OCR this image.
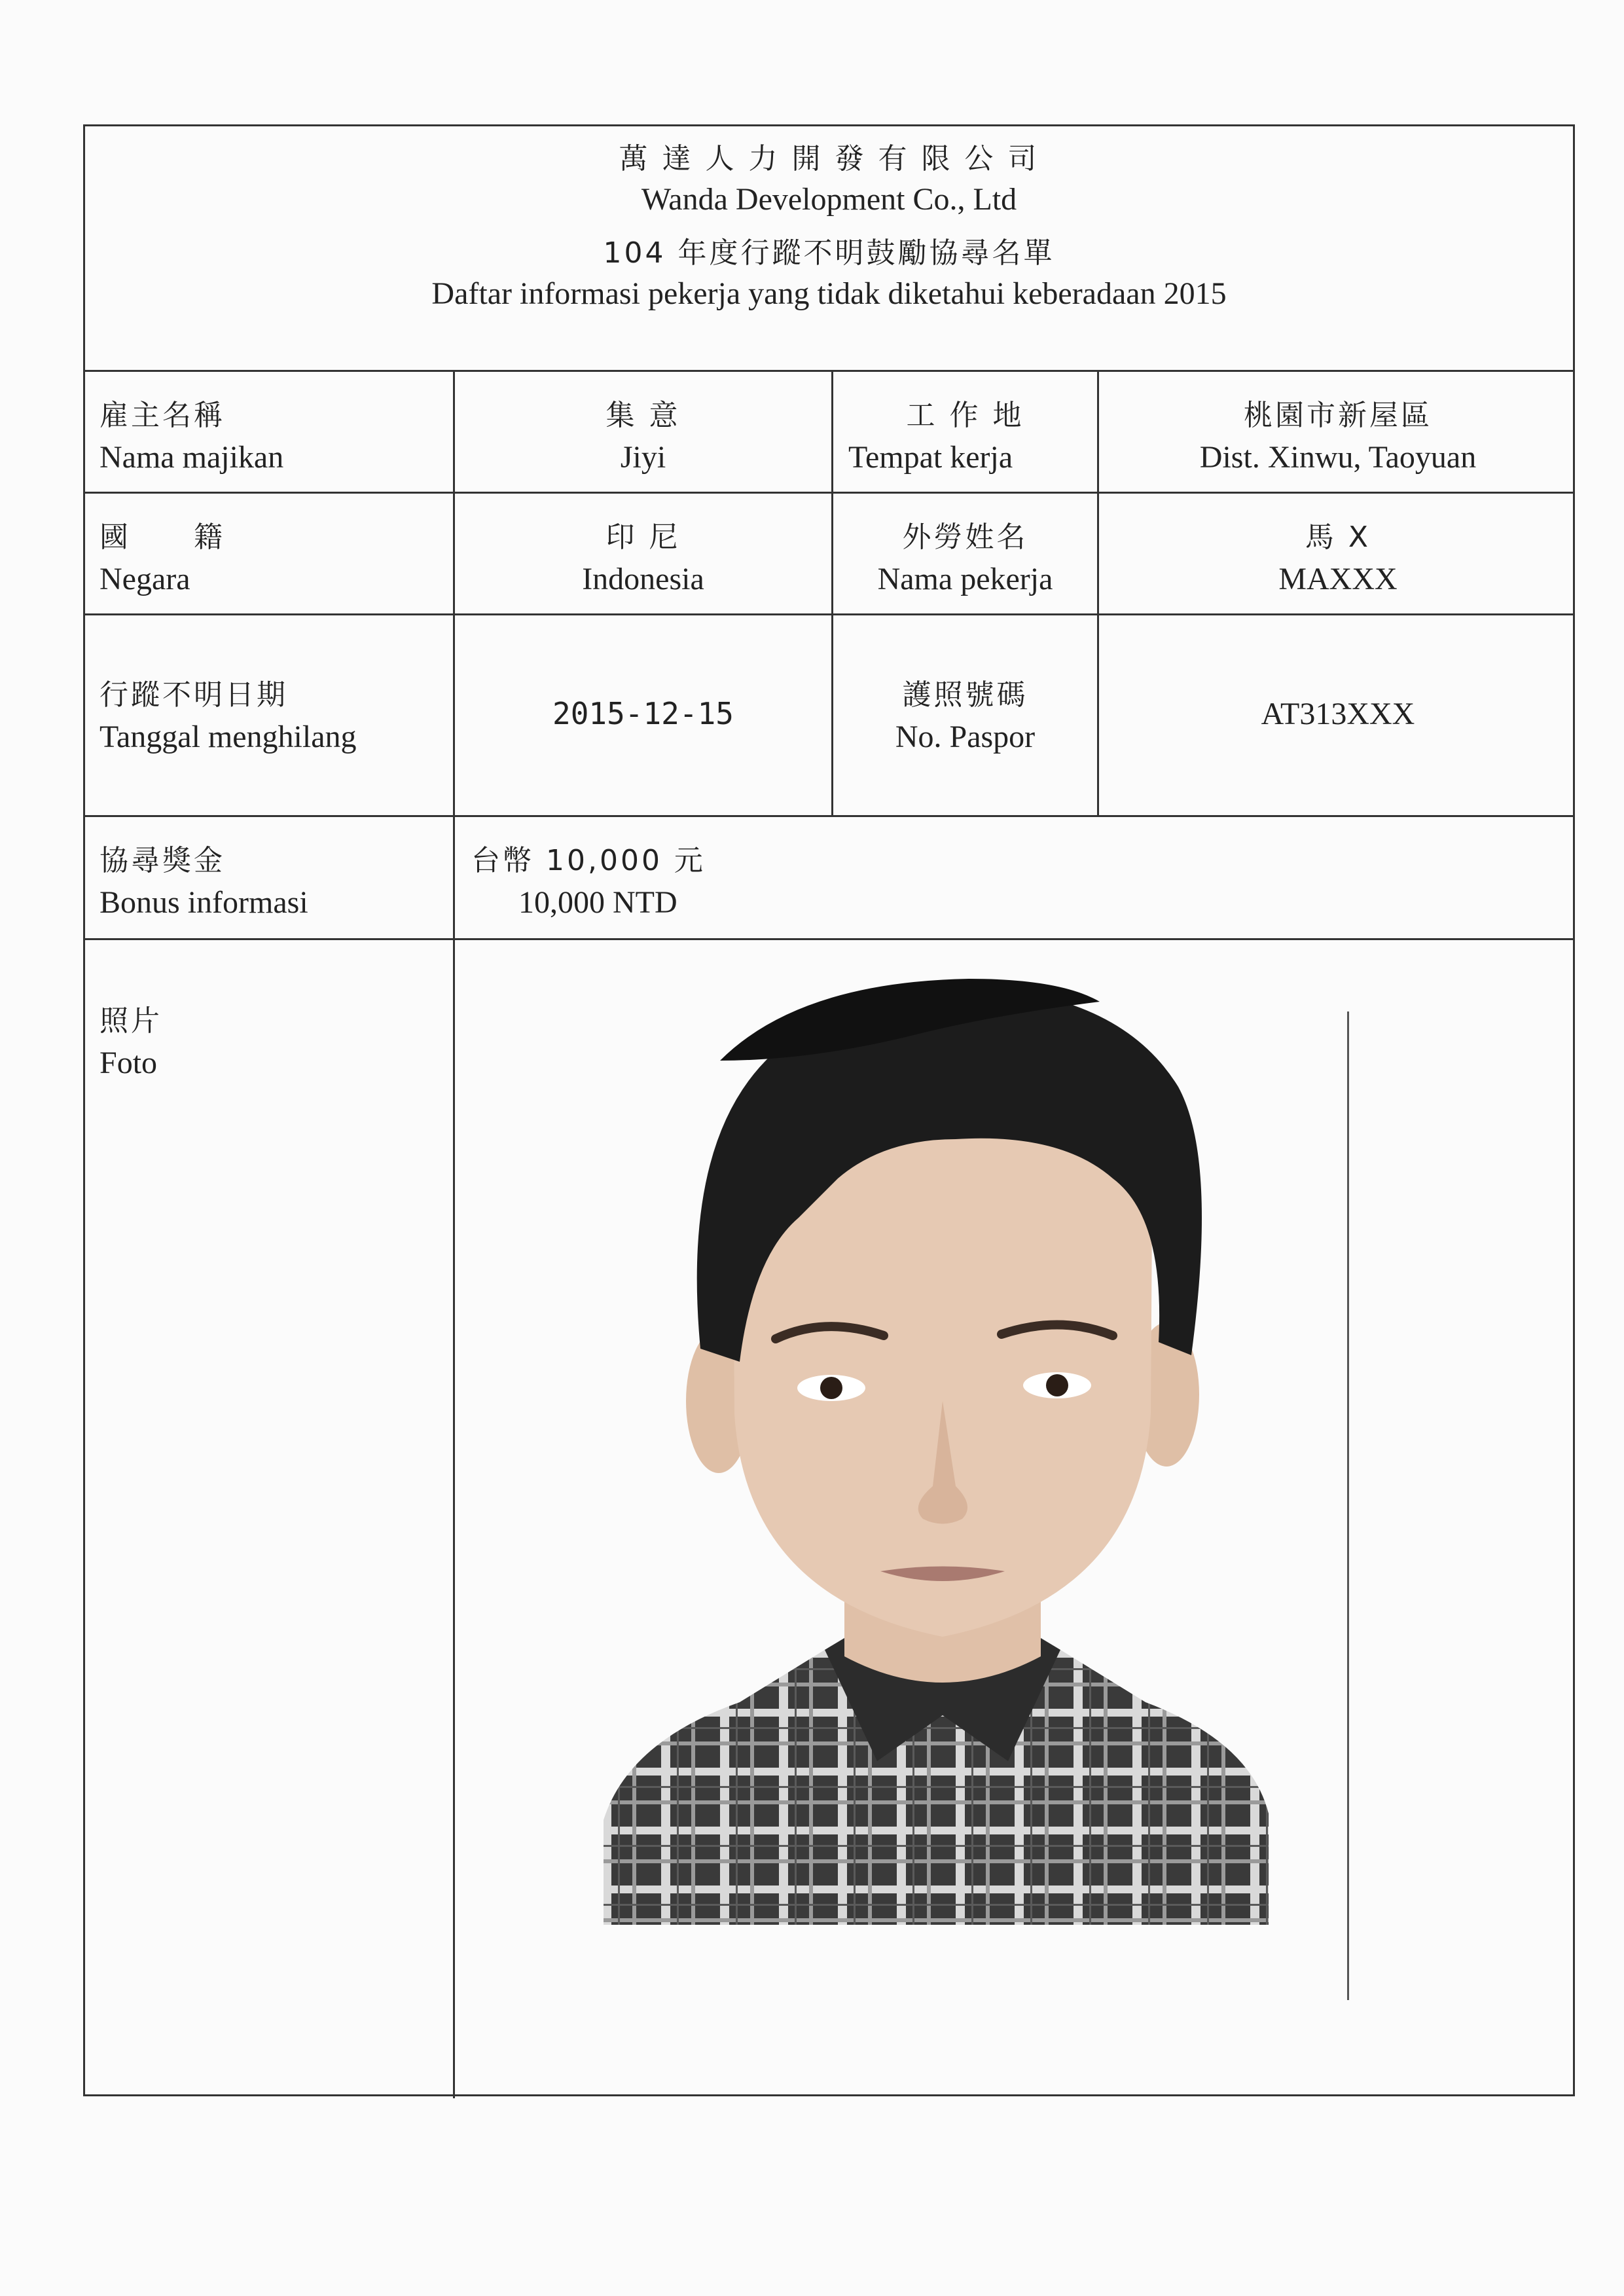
萬 達 人 力 開 發 有 限 公 司
Wanda Development Co., Ltd
104 年度行蹤不明鼓勵協尋名單
Daftar informasi pekerja yang tidak diketahui keberadaan 2015
雇主名稱
Nama majikan
集 意
Jiyi
工 作 地
Tempat kerja
桃園市新屋區
Dist. Xinwu, Taoyuan
國　　籍
Negara
印 尼
Indonesia
外勞姓名
Nama pekerja
馬 X
MAXXX
行蹤不明日期
Tanggal menghilang
2015-12-15
護照號碼
No. Paspor
AT313XXX
協尋獎金
Bonus informasi
台幣 10,000 元
10,000 NTD
照片
Foto
